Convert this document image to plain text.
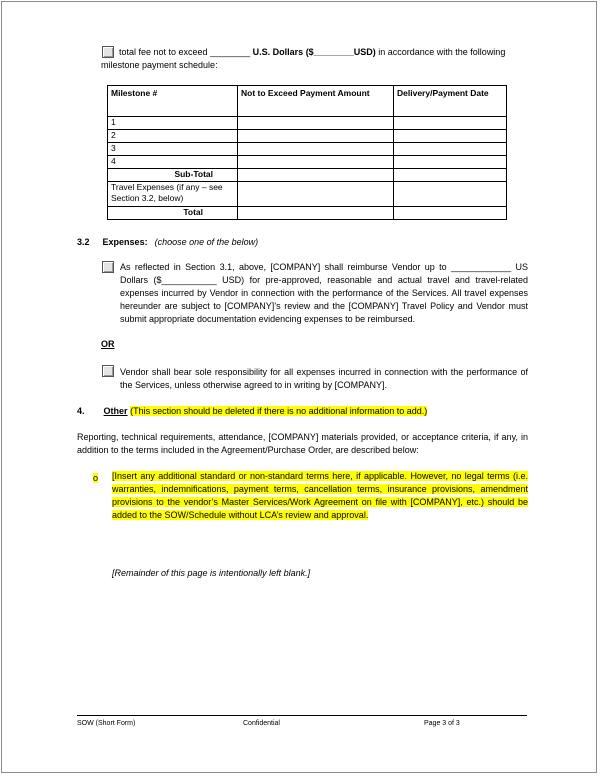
total fee not to exceed ________ U.S. Dollars ($________USD) in accordance with the following
milestone payment schedule:
Milestone #	Not to Exceed Payment Amount	Delivery/Payment Date
1		
2		
3		
4		
Sub-Total		
Travel Expenses (if any – see Section 3.2, below)		
Total		
3.2 Expenses: (choose one of the below)
As reflected in Section 3.1, above, [COMPANY] shall reimburse Vendor up to ____________ US Dollars ($___________ USD) for pre-approved, reasonable and actual travel and travel-related expenses incurred by Vendor in connection with the performance of the Services. All travel expenses hereunder are subject to [COMPANY]’s review and the [COMPANY] Travel Policy and Vendor must submit appropriate documentation evidencing expenses to be reimbursed.
OR
Vendor shall bear sole responsibility for all expenses incurred in connection with the performance of the Services, unless otherwise agreed to in writing by [COMPANY].
4. Other (This section should be deleted if there is no additional information to add.)
Reporting, technical requirements, attendance, [COMPANY] materials provided, or acceptance criteria, if any, in addition to the terms included in the Agreement/Purchase Order, are described below:
o [Insert any additional standard or non-standard terms here, if applicable. However, no legal terms (i.e. warranties, indemnifications, payment terms, cancellation terms, insurance provisions, amendment provisions to the vendor’s Master Services/Work Agreement on file with [COMPANY], etc.) should be added to the SOW/Schedule without LCA’s review and approval.
[Remainder of this page is intentionally left blank.]
SOW (Short Form)	Confidential	Page 3 of 3
